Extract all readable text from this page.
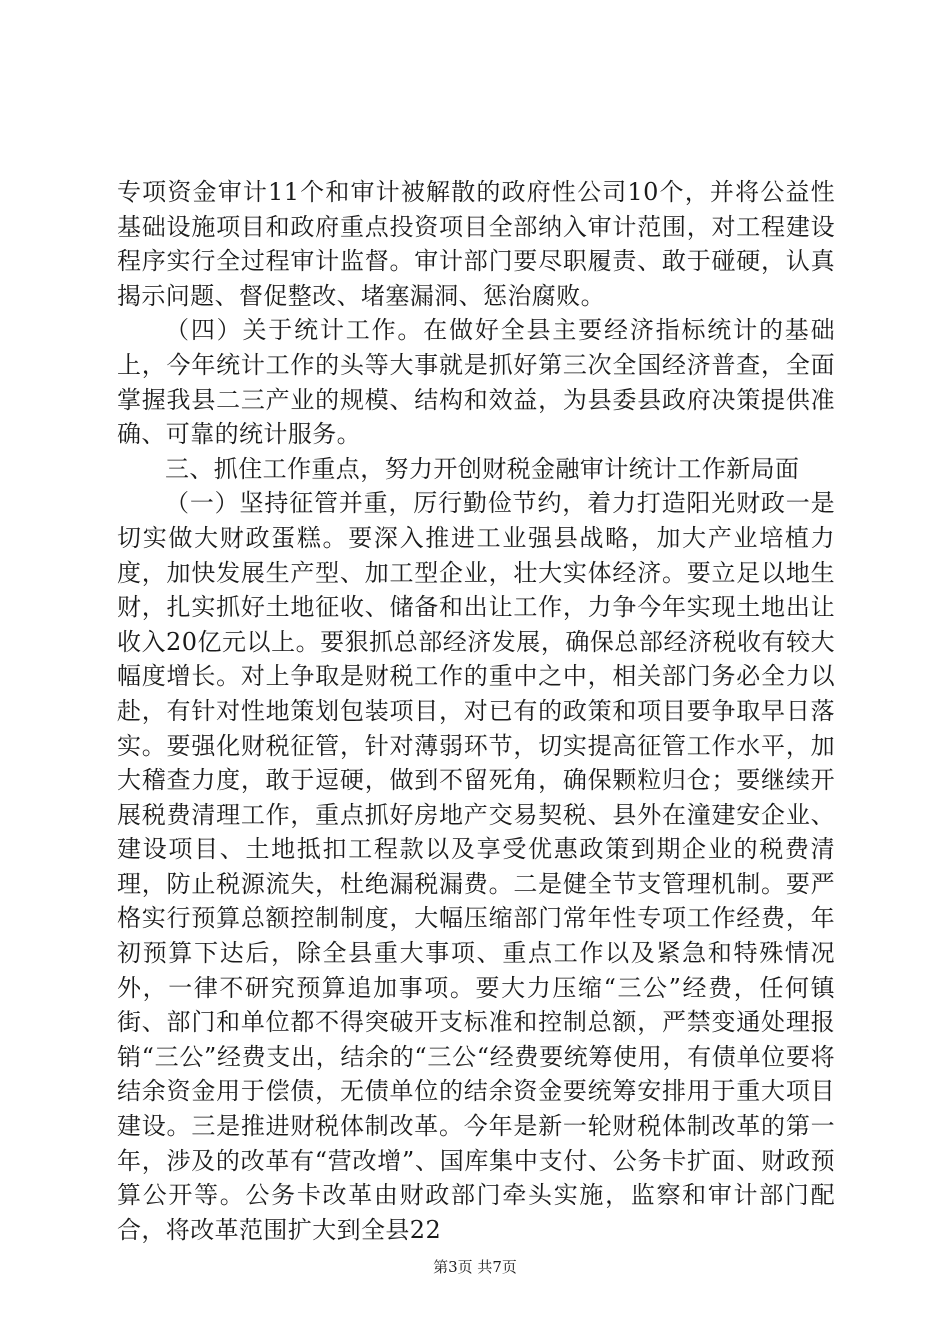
专项资金审计11个和审计被解散的政府性公司10个，并将公益性基础设施项目和政府重点投资项目全部纳入审计范围，对工程建设程序实行全过程审计监督。审计部门要尽职履责、敢于碰硬，认真揭示问题、督促整改、堵塞漏洞、惩治腐败。

（四）关于统计工作。在做好全县主要经济指标统计的基础上，今年统计工作的头等大事就是抓好第三次全国经济普查，全面掌握我县二三产业的规模、结构和效益，为县委县政府决策提供准确、可靠的统计服务。

三、抓住工作重点，努力开创财税金融审计统计工作新局面

（一）坚持征管并重，厉行勤俭节约，着力打造阳光财政一是切实做大财政蛋糕。要深入推进工业强县战略，加大产业培植力度，加快发展生产型、加工型企业，壮大实体经济。要立足以地生财，扎实抓好土地征收、储备和出让工作，力争今年实现土地出让收入20亿元以上。要狠抓总部经济发展，确保总部经济税收有较大幅度增长。对上争取是财税工作的重中之中，相关部门务必全力以赴，有针对性地策划包装项目，对已有的政策和项目要争取早日落实。要强化财税征管，针对薄弱环节，切实提高征管工作水平，加大稽查力度，敢于逗硬，做到不留死角，确保颗粒归仓；要继续开展税费清理工作，重点抓好房地产交易契税、县外在潼建安企业、建设项目、土地抵扣工程款以及享受优惠政策到期企业的税费清理，防止税源流失，杜绝漏税漏费。二是健全节支管理机制。要严格实行预算总额控制制度，大幅压缩部门常年性专项工作经费，年初预算下达后，除全县重大事项、重点工作以及紧急和特殊情况外，一律不研究预算追加事项。要大力压缩“三公”经费，任何镇街、部门和单位都不得突破开支标准和控制总额，严禁变通处理报销“三公”经费支出，结余的“三公“经费要统筹使用，有债单位要将结余资金用于偿债，无债单位的结余资金要统筹安排用于重大项目建设。三是推进财税体制改革。今年是新一轮财税体制改革的第一年，涉及的改革有“营改增”、国库集中支付、公务卡扩面、财政预算公开等。公务卡改革由财政部门牵头实施，监察和审计部门配合，将改革范围扩大到全县22

第3页 共7页
